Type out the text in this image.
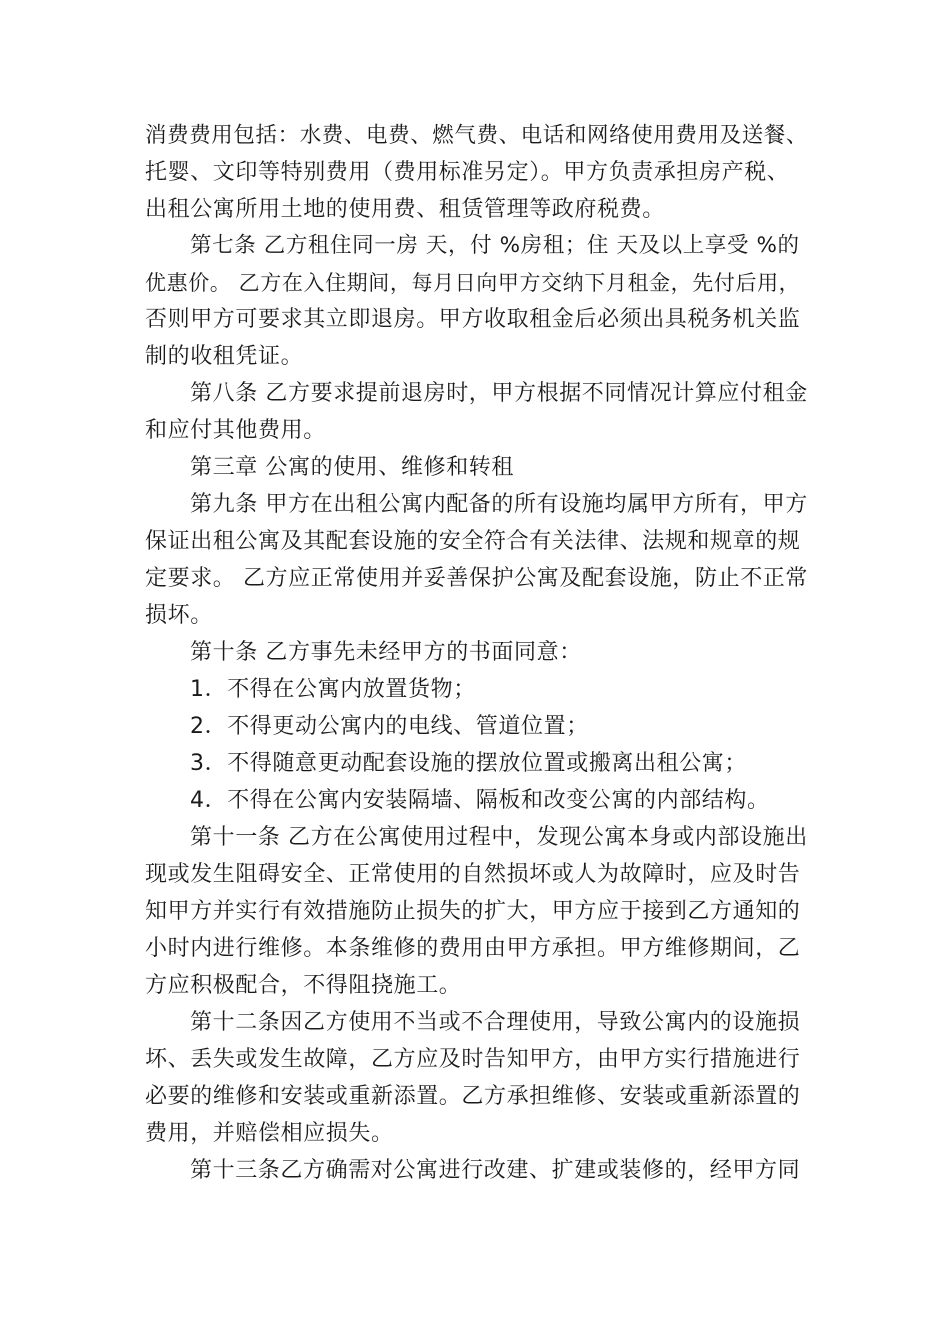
消费费用包括：水费、电费、燃气费、电话和网络使用费用及送餐、
托婴、文印等特别费用（费用标准另定）。甲方负责承担房产税、
出租公寓所用土地的使用费、租赁管理等政府税费。
第七条 乙方租住同一房 天，付 %房租；住 天及以上享受 %的
优惠价。 乙方在入住期间，每月日向甲方交纳下月租金，先付后用，
否则甲方可要求其立即退房。甲方收取租金后必须出具税务机关监
制的收租凭证。
第八条 乙方要求提前退房时，甲方根据不同情况计算应付租金
和应付其他费用。
第三章 公寓的使用、维修和转租
第九条 甲方在出租公寓内配备的所有设施均属甲方所有，甲方
保证出租公寓及其配套设施的安全符合有关法律、法规和规章的规
定要求。 乙方应正常使用并妥善保护公寓及配套设施，防止不正常
损坏。
第十条 乙方事先未经甲方的书面同意：
1．不得在公寓内放置货物；
2．不得更动公寓内的电线、管道位置；
3．不得随意更动配套设施的摆放位置或搬离出租公寓；
4．不得在公寓内安装隔墙、隔板和改变公寓的内部结构。
第十一条 乙方在公寓使用过程中，发现公寓本身或内部设施出
现或发生阻碍安全、正常使用的自然损坏或人为故障时，应及时告
知甲方并实行有效措施防止损失的扩大，甲方应于接到乙方通知的
小时内进行维修。本条维修的费用由甲方承担。甲方维修期间，乙
方应积极配合，不得阻挠施工。
第十二条因乙方使用不当或不合理使用，导致公寓内的设施损
坏、丢失或发生故障，乙方应及时告知甲方，由甲方实行措施进行
必要的维修和安装或重新添置。乙方承担维修、安装或重新添置的
费用，并赔偿相应损失。
第十三条乙方确需对公寓进行改建、扩建或装修的，经甲方同
